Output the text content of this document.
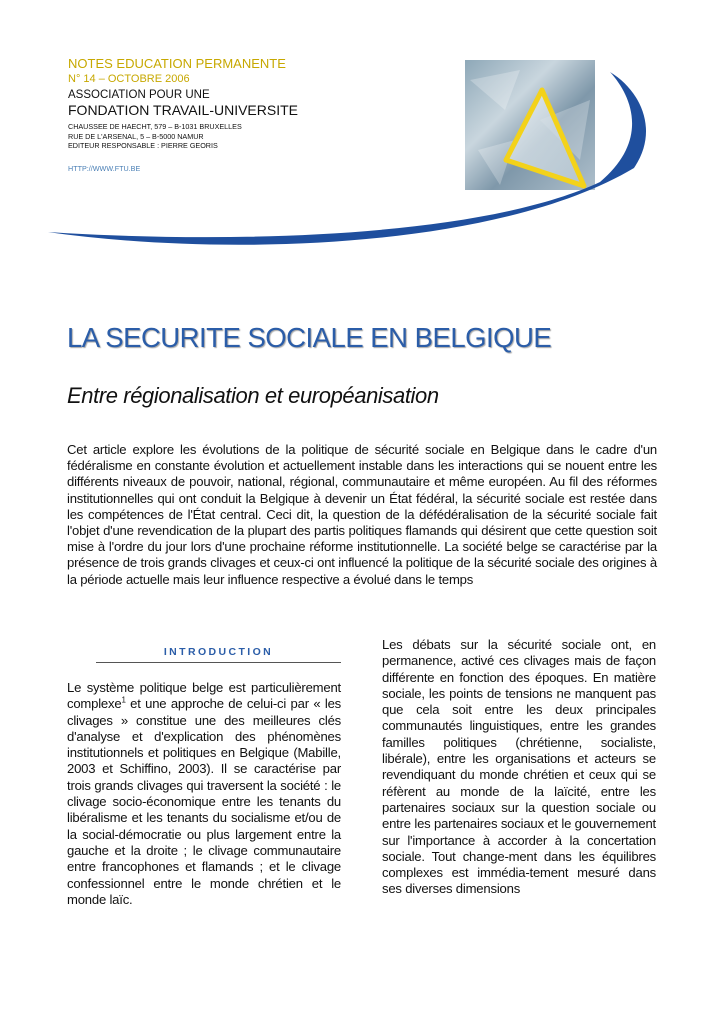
NOTES EDUCATION PERMANENTE
N° 14 – OCTOBRE 2006
ASSOCIATION POUR UNE
FONDATION TRAVAIL-UNIVERSITE
CHAUSSEE DE HAECHT, 579 – B-1031 BRUXELLES
RUE DE L'ARSENAL, 5 – B-5000 NAMUR
EDITEUR RESPONSABLE : PIERRE GEORIS
HTTP://WWW.FTU.BE
LA SECURITE SOCIALE EN BELGIQUE
Entre régionalisation et européanisation

Cet article explore les évolutions de la politique de sécurité sociale en Belgique dans le cadre d'un fédéralisme en constante évolution et actuellement instable dans les interactions qui se nouent entre les différents niveaux de pouvoir, national, régional, communautaire et même européen. Au fil des réformes institutionnelles qui ont conduit la Belgique à devenir un État fédéral, la sécurité sociale est restée dans les compétences de l'État central. Ceci dit, la question de la défédéralisation de la sécurité sociale fait l'objet d'une revendication de la plupart des partis politiques flamands qui désirent que cette question soit mise à l'ordre du jour lors d'une prochaine réforme institutionnelle. La société belge se caractérise par la présence de trois grands clivages et ceux-ci ont influencé la politique de la sécurité sociale des origines à la période actuelle mais leur influence respective a évolué dans le temps

INTRODUCTION

Le système politique belge est particulièrement complexe$^1$ et une approche de celui-ci par « les clivages » constitue une des meilleures clés d'analyse et d'explication des phénomènes institutionnels et politiques en Belgique (Mabille, 2003 et Schiffino, 2003). Il se caractérise par trois grands clivages qui traversent la société : le clivage socio-économique entre les tenants du libéralisme et les tenants du socialisme et/ou de la social-démocratie ou plus largement entre la gauche et la droite ; le clivage communautaire entre francophones et flamands ; et le clivage confessionnel entre le monde chrétien et le monde laïc.

Les débats sur la sécurité sociale ont, en permanence, activé ces clivages mais de façon différente en fonction des époques. En matière sociale, les points de tensions ne manquent pas que cela soit entre les deux principales communautés linguistiques, entre les grandes familles politiques (chrétienne, socialiste, libérale), entre les organisations et acteurs se revendiquant du monde chrétien et ceux qui se réfèrent au monde de la laïcité, entre les partenaires sociaux sur la question sociale ou entre les partenaires sociaux et le gouvernement sur l'importance à accorder à la concertation sociale. Tout change-ment dans les équilibres complexes est immédia-tement mesuré dans ses diverses dimensions
